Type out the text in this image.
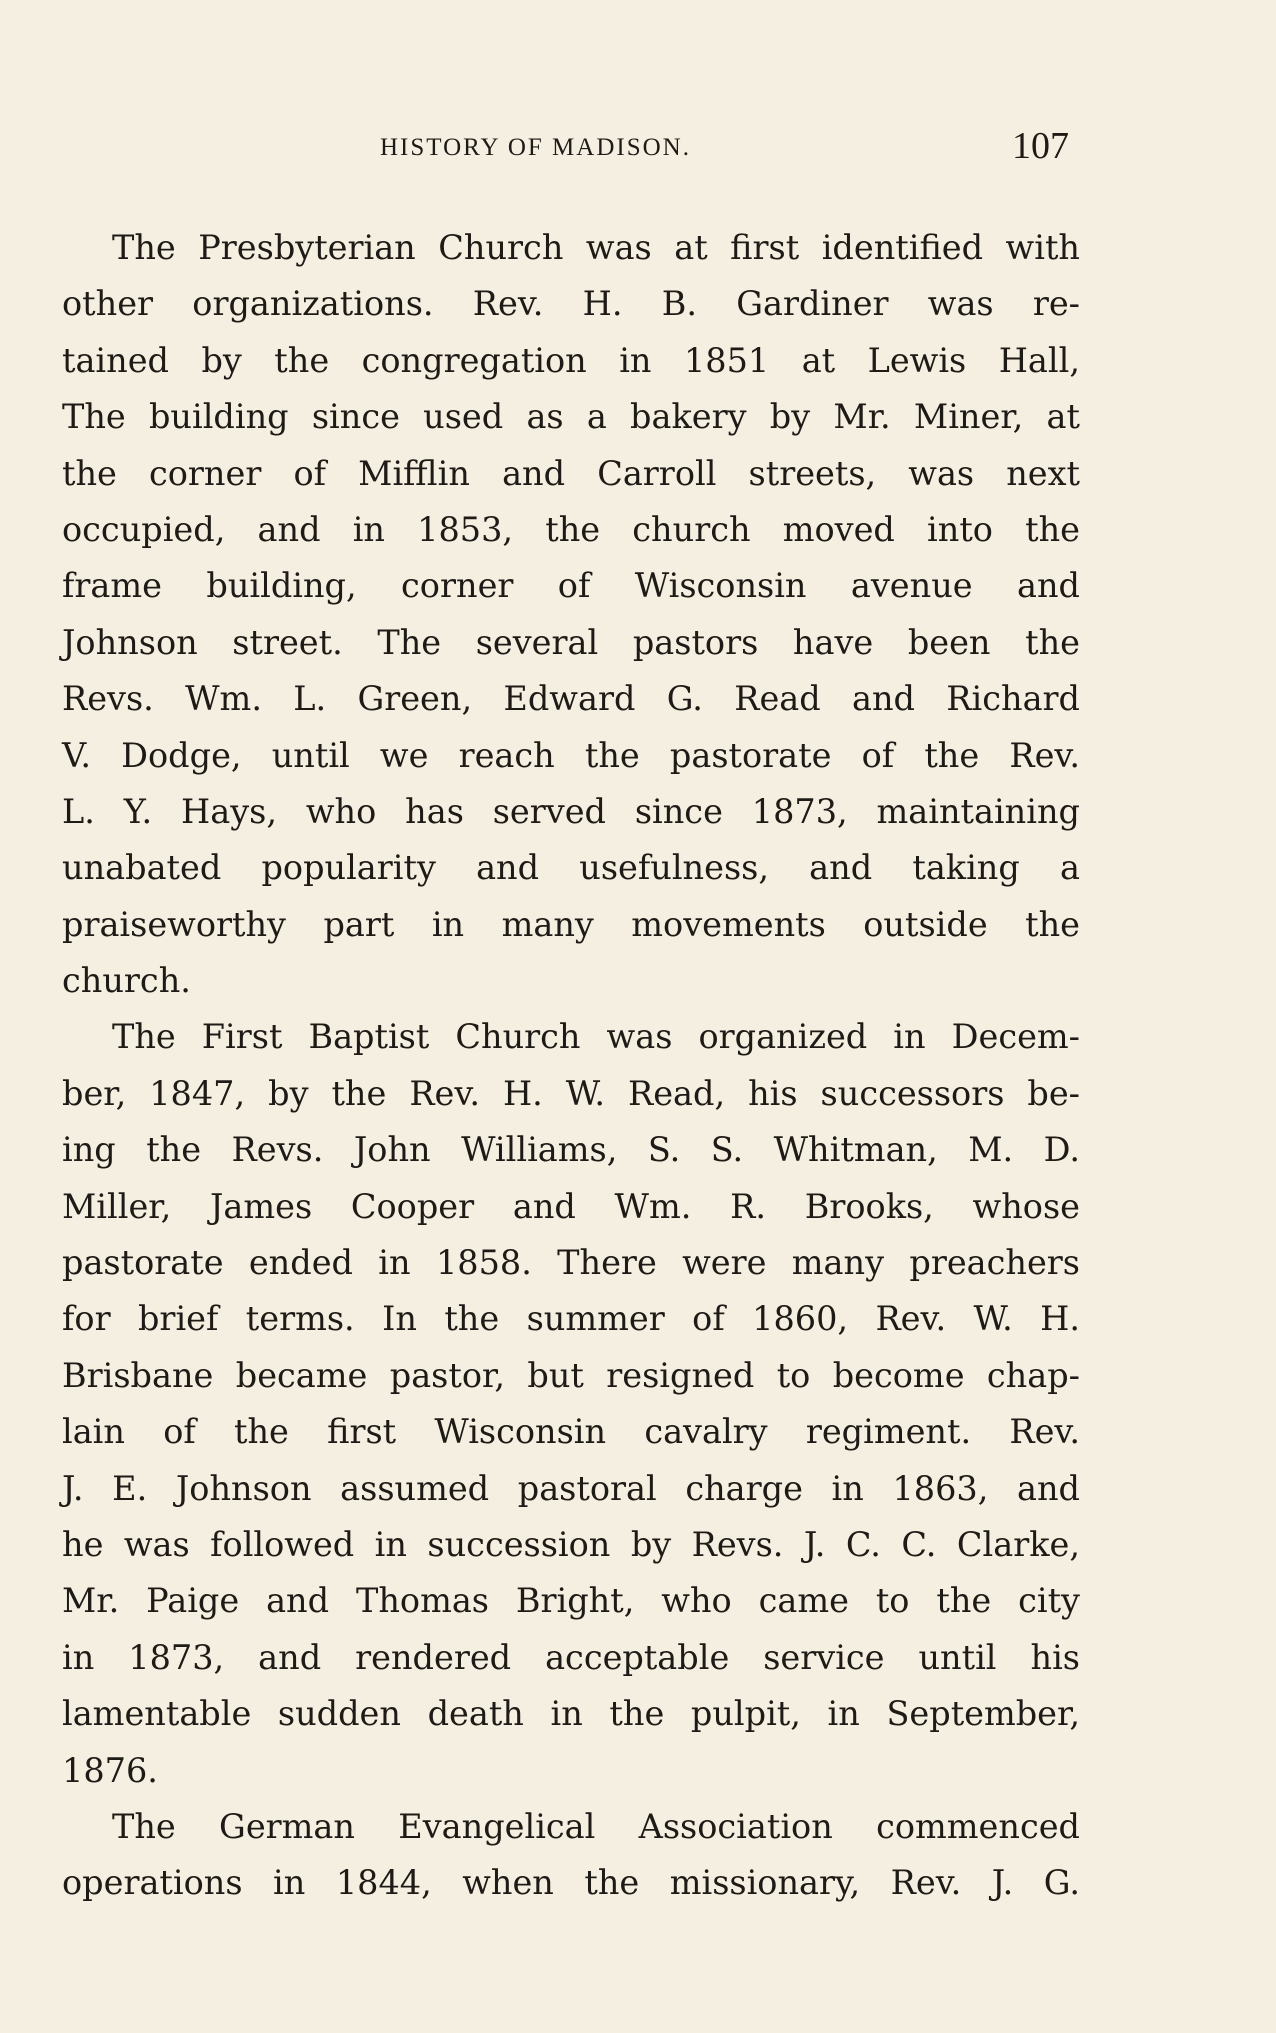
HISTORY OF MADISON.	107
The Presbyterian Church was at first identified with
other organizations. Rev. H. B. Gardiner was re-
tained by the congregation in 1851 at Lewis Hall,
The building since used as a bakery by Mr. Miner, at
the corner of Mifflin and Carroll streets, was next
occupied, and in 1853, the church moved into the
frame building, corner of Wisconsin avenue and
Johnson street. The several pastors have been the
Revs. Wm. L. Green, Edward G. Read and Richard
V. Dodge, until we reach the pastorate of the Rev.
L. Y. Hays, who has served since 1873, maintaining
unabated popularity and usefulness, and taking a
praiseworthy part in many movements outside the
church.
The First Baptist Church was organized in Decem-
ber, 1847, by the Rev. H. W. Read, his successors be-
ing the Revs. John Williams, S. S. Whitman, M. D.
Miller, James Cooper and Wm. R. Brooks, whose
pastorate ended in 1858. There were many preachers
for brief terms. In the summer of 1860, Rev. W. H.
Brisbane became pastor, but resigned to become chap-
lain of the first Wisconsin cavalry regiment. Rev.
J. E. Johnson assumed pastoral charge in 1863, and
he was followed in succession by Revs. J. C. C. Clarke,
Mr. Paige and Thomas Bright, who came to the city
in 1873, and rendered acceptable service until his
lamentable sudden death in the pulpit, in September,
1876.
The German Evangelical Association commenced
operations in 1844, when the missionary, Rev. J. G.
